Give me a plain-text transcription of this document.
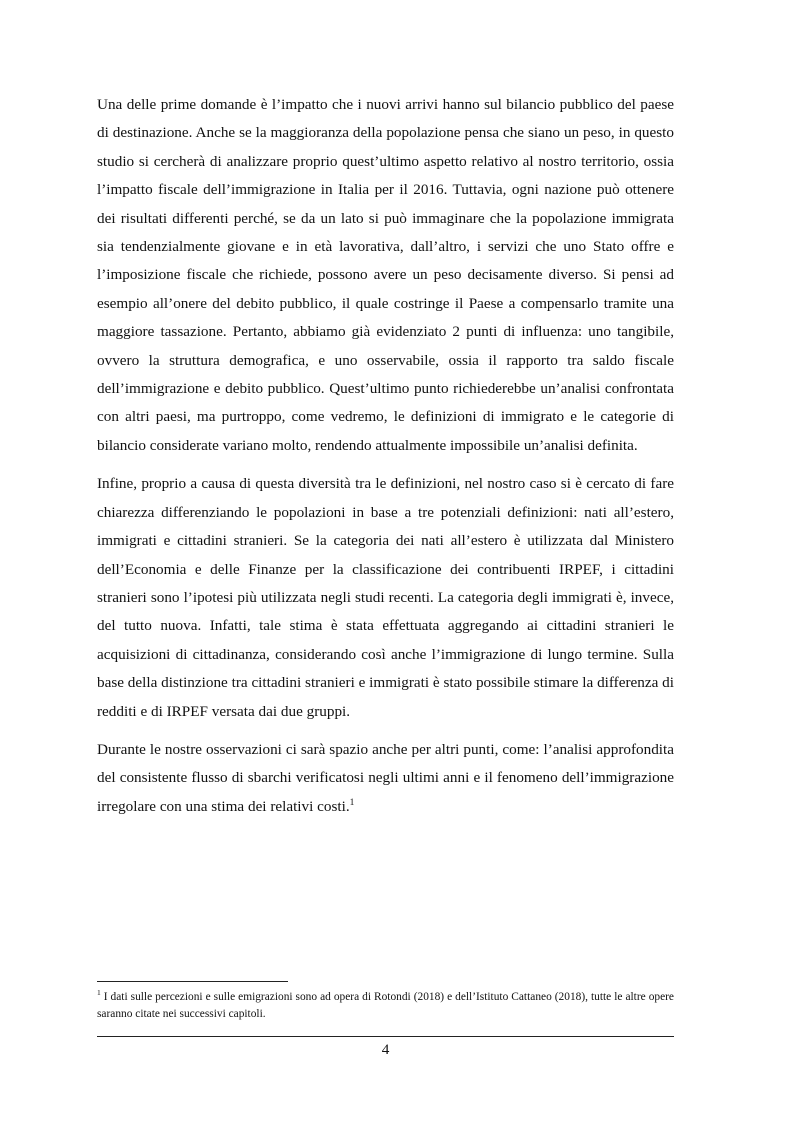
Una delle prime domande è l’impatto che i nuovi arrivi hanno sul bilancio pubblico del paese di destinazione. Anche se la maggioranza della popolazione pensa che siano un peso, in questo studio si cercherà di analizzare proprio quest’ultimo aspetto relativo al nostro territorio, ossia l’impatto fiscale dell’immigrazione in Italia per il 2016. Tuttavia, ogni nazione può ottenere dei risultati differenti perché, se da un lato si può immaginare che la popolazione immigrata sia tendenzialmente giovane e in età lavorativa, dall’altro, i servizi che uno Stato offre e l’imposizione fiscale che richiede, possono avere un peso decisamente diverso. Si pensi ad esempio all’onere del debito pubblico, il quale costringe il Paese a compensarlo tramite una maggiore tassazione. Pertanto, abbiamo già evidenziato 2 punti di influenza: uno tangibile, ovvero la struttura demografica, e uno osservabile, ossia il rapporto tra saldo fiscale dell’immigrazione e debito pubblico. Quest’ultimo punto richiederebbe un’analisi confrontata con altri paesi, ma purtroppo, come vedremo, le definizioni di immigrato e le categorie di bilancio considerate variano molto, rendendo attualmente impossibile un’analisi definita.

Infine, proprio a causa di questa diversità tra le definizioni, nel nostro caso si è cercato di fare chiarezza differenziando le popolazioni in base a tre potenziali definizioni: nati all’estero, immigrati e cittadini stranieri. Se la categoria dei nati all’estero è utilizzata dal Ministero dell’Economia e delle Finanze per la classificazione dei contribuenti IRPEF, i cittadini stranieri sono l’ipotesi più utilizzata negli studi recenti. La categoria degli immigrati è, invece, del tutto nuova. Infatti, tale stima è stata effettuata aggregando ai cittadini stranieri le acquisizioni di cittadinanza, considerando così anche l’immigrazione di lungo termine. Sulla base della distinzione tra cittadini stranieri e immigrati è stato possibile stimare la differenza di redditi e di IRPEF versata dai due gruppi.

Durante le nostre osservazioni ci sarà spazio anche per altri punti, come: l’analisi approfondita del consistente flusso di sbarchi verificatosi negli ultimi anni e il fenomeno dell’immigrazione irregolare con una stima dei relativi costi.$^1$

$^1$ I dati sulle percezioni e sulle emigrazioni sono ad opera di Rotondi (2018) e dell’Istituto Cattaneo (2018), tutte le altre opere saranno citate nei successivi capitoli.
4
